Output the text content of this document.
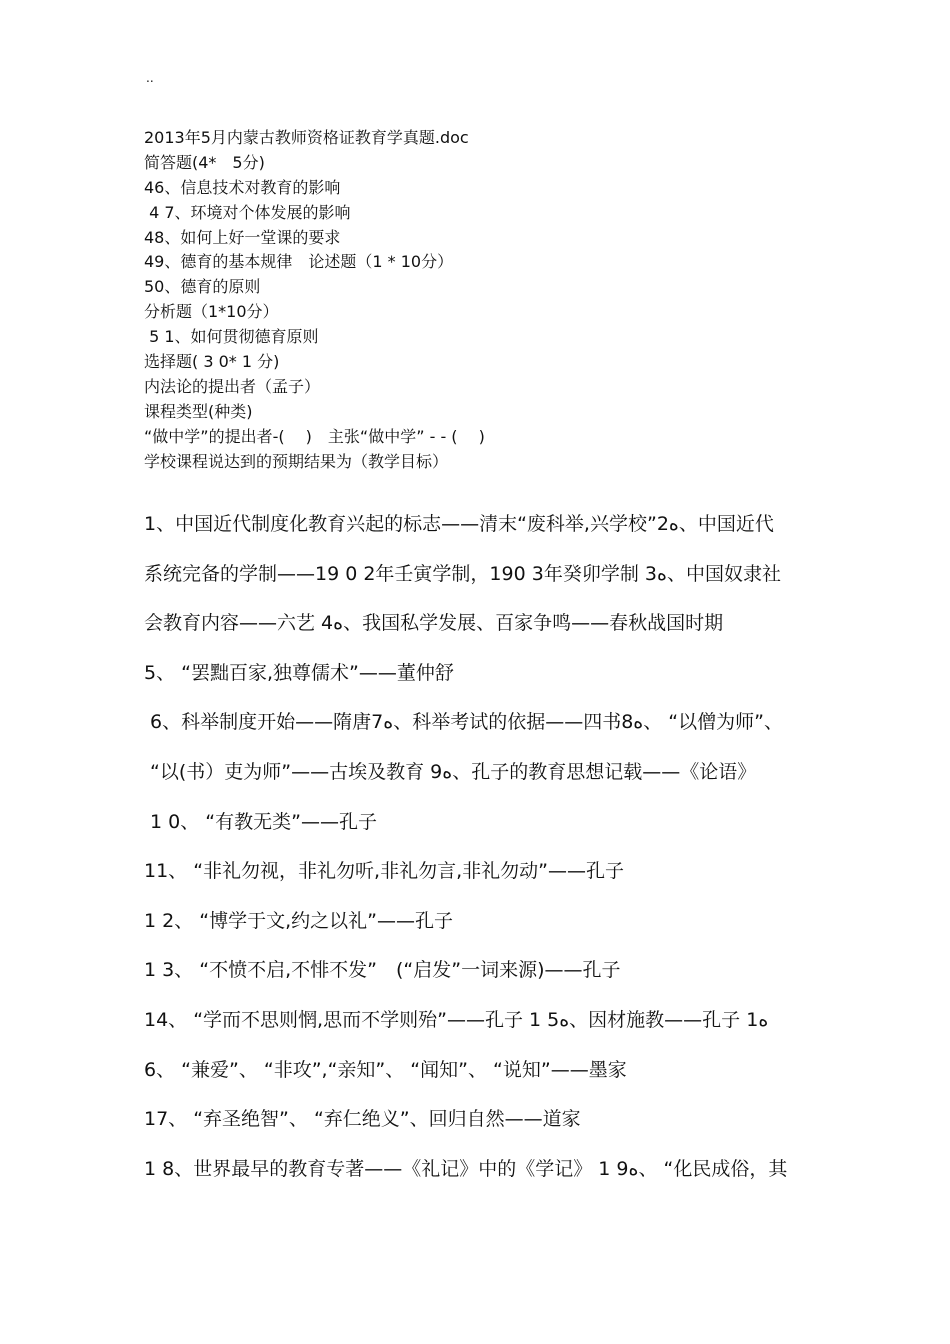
..
2013年5月内蒙古教师资格证教育学真题.doc
简答题(4*　5分)
46、信息技术对教育的影响
4 7、环境对个体发展的影响
48、如何上好一堂课的要求
49、德育的基本规律　论述题（1 * 10分）
50、德育的原则
分析题（1*10分）
5 1、如何贯彻德育原则
选择题( 3 0* 1 分)
内法论的提出者（孟子）
课程类型(种类)
“做中学”的提出者-(　 )　主张“做中学” - - (　 )
学校课程说达到的预期结果为（教学目标）
1、中国近代制度化教育兴起的标志——清末“废科举,兴学校”2ﻩ、中国近代
系统完备的学制——19 0 2年壬寅学制，190 3年癸卯学制 3ﻩ、中国奴隶社
会教育内容——六艺 4ﻩ、我国私学发展、百家争鸣——春秋战国时期
5、 “罢黜百家,独尊儒术”——董仲舒
6、科举制度开始——隋唐7ﻩ、科举考试的依据——四书8ﻩ、 “以僧为师”、
“以(书）吏为师”——古埃及教育 9ﻩ、孔子的教育思想记载——《论语》
1 0、 “有教无类”——孔子
11、 “非礼勿视，非礼勿听,非礼勿言,非礼勿动”——孔子
1 2、 “博学于文,约之以礼”——孔子
1 3、 “不愤不启,不悱不发”　(“启发”一词来源)——孔子
14、 “学而不思则惘,思而不学则殆”——孔子 1 5ﻩ、因材施教——孔子 1ﻩ
6、 “兼爱”、 “非攻”,“亲知”、 “闻知”、 “说知”——墨家
17、 “弃圣绝智”、 “弃仁绝义”、回归自然——道家
1 8、世界最早的教育专著——《礼记》中的《学记》 1 9ﻩ、 “化民成俗，其
